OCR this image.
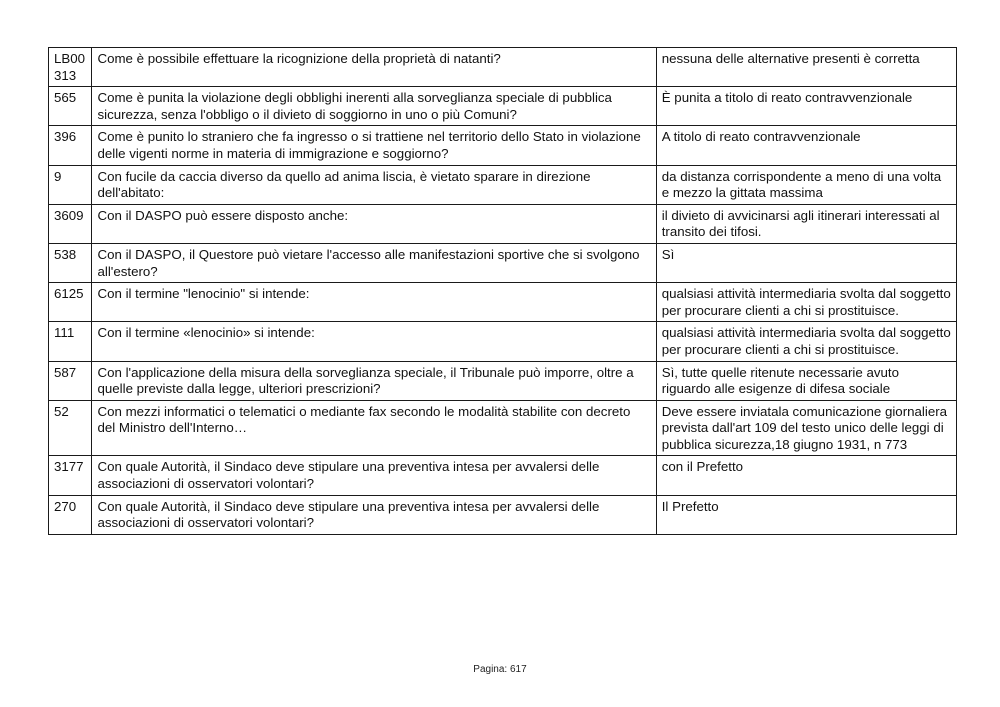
LB00313	Come è possibile effettuare la ricognizione della proprietà di natanti?	nessuna delle alternative presenti è corretta
565	Come è punita la violazione degli obblighi inerenti alla sorveglianza speciale di pubblica sicurezza, senza l'obbligo o il divieto di soggiorno in uno o più Comuni?	È punita a titolo di reato contravvenzionale
396	Come è punito lo straniero che fa ingresso o si trattiene nel territorio dello Stato in violazione delle vigenti norme in materia di immigrazione e soggiorno?	A titolo di reato contravvenzionale
9	Con fucile da caccia diverso da quello ad anima liscia, è vietato sparare in direzione dell'abitato:	da distanza corrispondente a meno di una volta e mezzo la gittata massima
3609	Con il DASPO può essere disposto anche:	il divieto di avvicinarsi agli itinerari interessati al transito dei tifosi.
538	Con il DASPO, il Questore può vietare l'accesso alle manifestazioni sportive che si svolgono all'estero?	Sì
6125	Con il termine "lenocinio" si intende:	qualsiasi attività intermediaria svolta dal soggetto per procurare clienti a chi si prostituisce.
111	Con il termine «lenocinio» si intende:	qualsiasi attività intermediaria svolta dal soggetto per procurare clienti a chi si prostituisce.
587	Con l'applicazione della misura della sorveglianza speciale, il Tribunale può imporre, oltre a quelle previste dalla legge, ulteriori prescrizioni?	Sì, tutte quelle ritenute necessarie avuto riguardo alle esigenze di difesa sociale
52	Con mezzi informatici o telematici o mediante fax secondo le modalità stabilite con decreto del Ministro dell'Interno…	Deve essere inviatala comunicazione giornaliera prevista dall'art 109 del testo unico delle leggi di pubblica sicurezza,18 giugno 1931, n 773
3177	Con quale Autorità, il Sindaco deve stipulare una preventiva intesa per avvalersi delle associazioni di osservatori volontari?	con il Prefetto
270	Con quale Autorità, il Sindaco deve stipulare una preventiva intesa per avvalersi delle associazioni di osservatori volontari?	Il Prefetto
Pagina: 617
